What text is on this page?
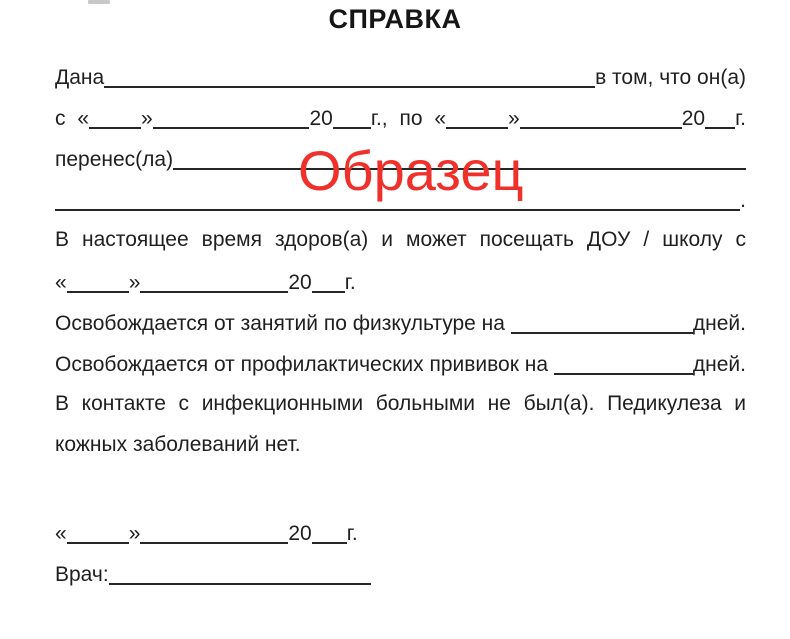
СПРАВКА
Дана	в том, что он(а)
с « »	20 г., по «	»	20 г.
перенес(ла)
.
В настоящее время здоров(а) и может посещать ДОУ / школу с
«	»	20 г.
Освобождается от занятий по физкультуре на	дней.
Освобождается от профилактических прививок на	дней.
В контакте с инфекционными больными не был(а). Педикулеза и
кожных заболеваний нет.
«	»	20 г.
Врач:
Образец
